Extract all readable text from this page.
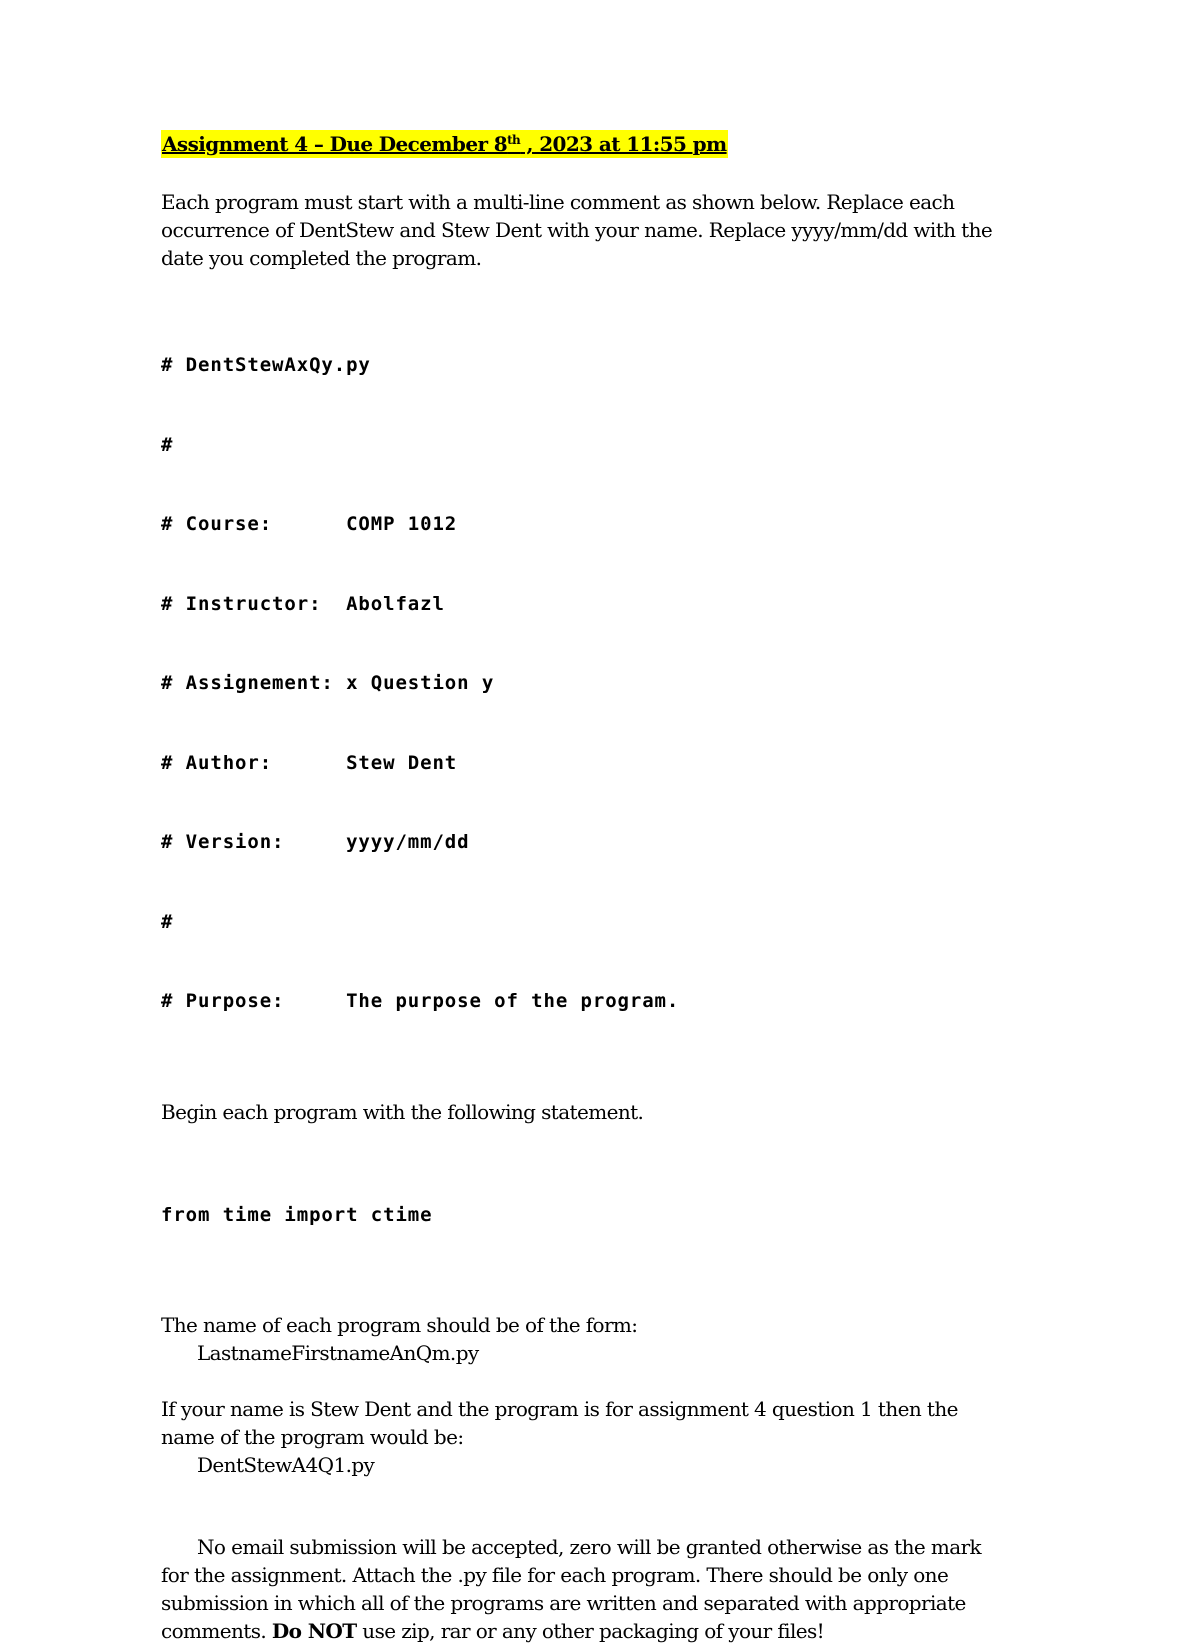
Assignment 4 – Due December 8th , 2023 at 11:55 pm

Each program must start with a multi-line comment as shown below. Replace each

occurrence of DentStew and Stew Dent with your name. Replace yyyy/mm/dd with the

date you completed the program.

# DentStewAxQy.py

#

# Course:      COMP 1012

# Instructor:  Abolfazl

# Assignement: x Question y

# Author:      Stew Dent

# Version:     yyyy/mm/dd

#

# Purpose:     The purpose of the program.

Begin each program with the following statement.

from time import ctime

The name of each program should be of the form:

LastnameFirstnameAnQm.py

If your name is Stew Dent and the program is for assignment 4 question 1 then the

name of the program would be:

DentStewA4Q1.py

No email submission will be accepted, zero will be granted otherwise as the mark

for the assignment. Attach the .py file for each program. There should be only one

submission in which all of the programs are written and separated with appropriate

comments. Do NOT use zip, rar or any other packaging of your files!
